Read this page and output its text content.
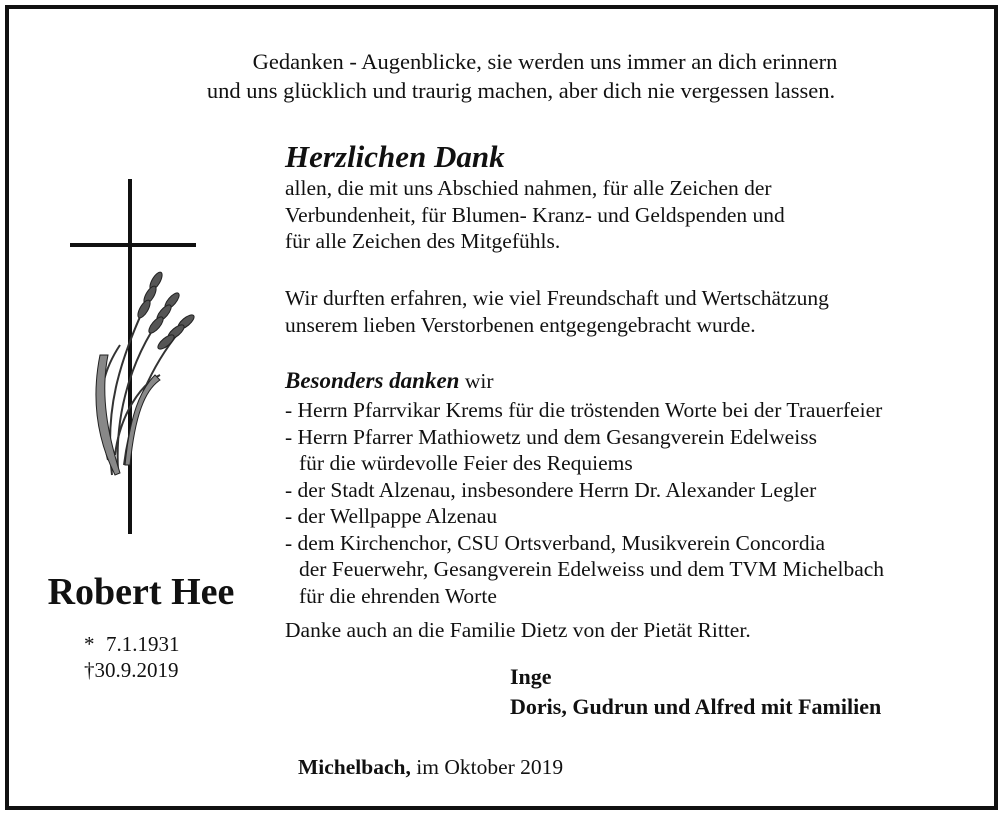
Gedanken - Augenblicke, sie werden uns immer an dich erinnern
und uns glücklich und traurig machen, aber dich nie vergessen lassen.
Robert Hee
* 7.1.1931
†30.9.2019
Herzlichen Dank
allen, die mit uns Abschied nahmen, für alle Zeichen der
Verbundenheit, für Blumen- Kranz- und Geldspenden und
für alle Zeichen des Mitgefühls.
Wir durften erfahren, wie viel Freundschaft und Wertschätzung
unserem lieben Verstorbenen entgegengebracht wurde.
Besonders danken wir
- Herrn Pfarrvikar Krems für die tröstenden Worte bei der Trauerfeier
- Herrn Pfarrer Mathiowetz und dem Gesangverein Edelweiss
für die würdevolle Feier des Requiems
- der Stadt Alzenau, insbesondere Herrn Dr. Alexander Legler
- der Wellpappe Alzenau
- dem Kirchenchor, CSU Ortsverband, Musikverein Concordia
der Feuerwehr, Gesangverein Edelweiss und dem TVM Michelbach
für die ehrenden Worte
Danke auch an die Familie Dietz von der Pietät Ritter.
Inge
Doris, Gudrun und Alfred mit Familien
Michelbach, im Oktober 2019
